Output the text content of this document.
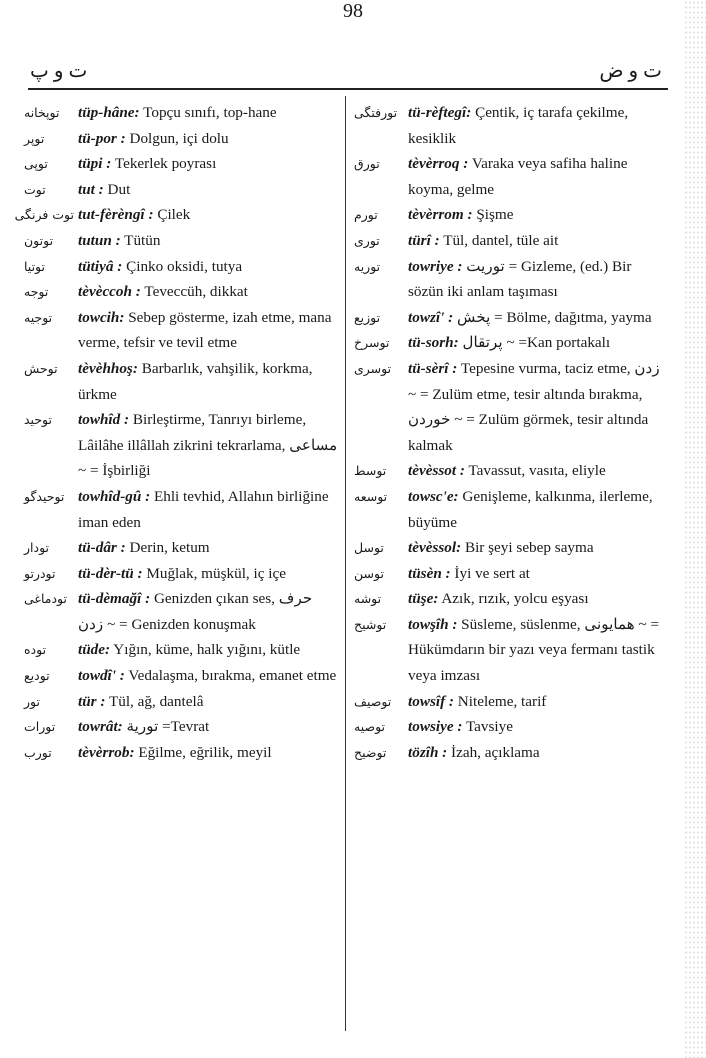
ت و پ
98
ت و ض
توپخانه	tüp-hâne: Topçu sınıfı, top-hane
توپر	tü-por : Dolgun, içi dolu
توپی	tüpi : Tekerlek poyrası
توت	tut : Dut
توت فرنگی tut-fèrèngî : Çilek
توتون	tutun : Tütün
توتیا	tütiyâ : Çinko oksidi, tutya
توجه	tèvèccoh : Teveccüh, dikkat
توجیه	towcih: Sebep gösterme, izah etme, mana verme, tefsir ve tevil etme
توحش	tèvèhhoş: Barbarlık, vahşilik, korkma, ürkme
توحید	towhîd : Birleştirme, Tanrıyı birleme, Lâilâhe illâllah zikrini tekrarlama, مساعی ~ = İşbirliği
توحیدگو towhîd-gû : Ehli tevhid, Allahın birliğine iman eden
تودار	tü-dâr : Derin, ketum
تودرتو	tü-dèr-tü : Muğlak, müşkül, iç içe
تودماغی tü-dèmağî : Genizden çıkan ses, حرف زدن ~ = Genizden konuşmak
توده	tüde: Yığın, küme, halk yığını, kütle
تودیع	towdî' : Vedalaşma, bırakma, emanet etme
تور	tür : Tül, ağ, dantelâ
تورات	towrât: توریة =Tevrat
تورب	tèvèrrob: Eğilme, eğrilik, meyil
تورفتگی tü-rèftegî: Çentik, iç tarafa çekilme, kesiklik
تورق	tèvèrroq : Varaka veya safiha haline koyma, gelme
تورم	tèvèrrom : Şişme
توری	türî : Tül, dantel, tüle ait
توریه	towriye : توریت = Gizleme, (ed.) Bir sözün iki anlam taşıması
توزیع	towzî' : پخش = Bölme, dağıtma, yayma
توسرخ	tü-sorh: پرتقال ~ =Kan portakalı
توسری	tü-sèrî : Tepesine vurma, taciz etme, زدن ~ = Zulüm etme, tesir altında bırakma, خوردن ~ = Zulüm görmek, tesir altında kalmak
توسط	tèvèssot : Tavassut, vasıta, eliyle
توسعه	towsc'e: Genişleme, kalkınma, ilerleme, büyüme
توسل	tèvèssol: Bir şeyi sebep sayma
توسن	tüsèn : İyi ve sert at
توشه	tüşe: Azık, rızık, yolcu eşyası
توشیح	towşîh : Süsleme, süslenme, همایونی ~ = Hükümdarın bir yazı veya fermanı tastik veya imzası
توصیف	towsîf : Niteleme, tarif
توصیه	towsiye : Tavsiye
توضیح	tözîh : İzah, açıklama
